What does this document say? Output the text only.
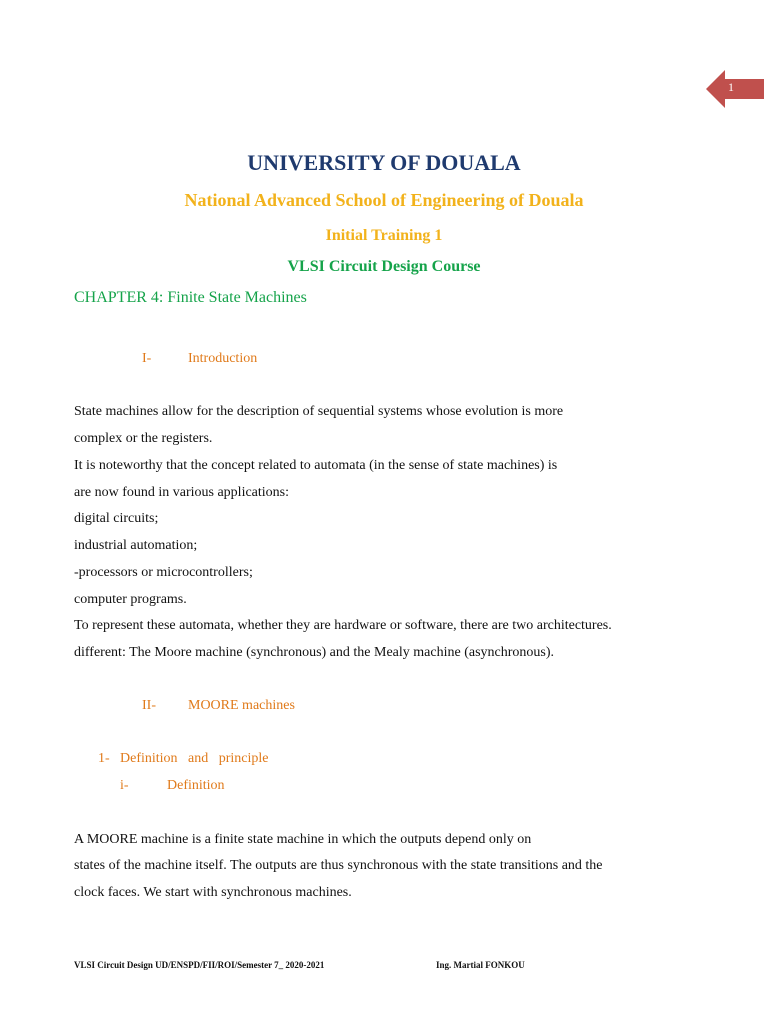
1
UNIVERSITY OF DOUALA
National Advanced School of Engineering of Douala
Initial Training 1
VLSI Circuit Design Course
CHAPTER 4: Finite State Machines
I-	Introduction
State machines allow for the description of sequential systems whose evolution is more
complex or the registers.
It is noteworthy that the concept related to automata (in the sense of state machines) is
are now found in various applications:
digital circuits;
industrial automation;
-processors or microcontrollers;
computer programs.
To represent these automata, whether they are hardware or software, there are two architectures.
different: The Moore machine (synchronous) and the Mealy machine (asynchronous).
II- MOORE machines
1- Definition   and   principle
i-	Definition
A MOORE machine is a finite state machine in which the outputs depend only on
states of the machine itself. The outputs are thus synchronous with the state transitions and the
clock faces. We start with synchronous machines.
VLSI Circuit Design UD/ENSPD/FII/ROI/Semester 7_ 2020-2021	Ing. Martial FONKOU
